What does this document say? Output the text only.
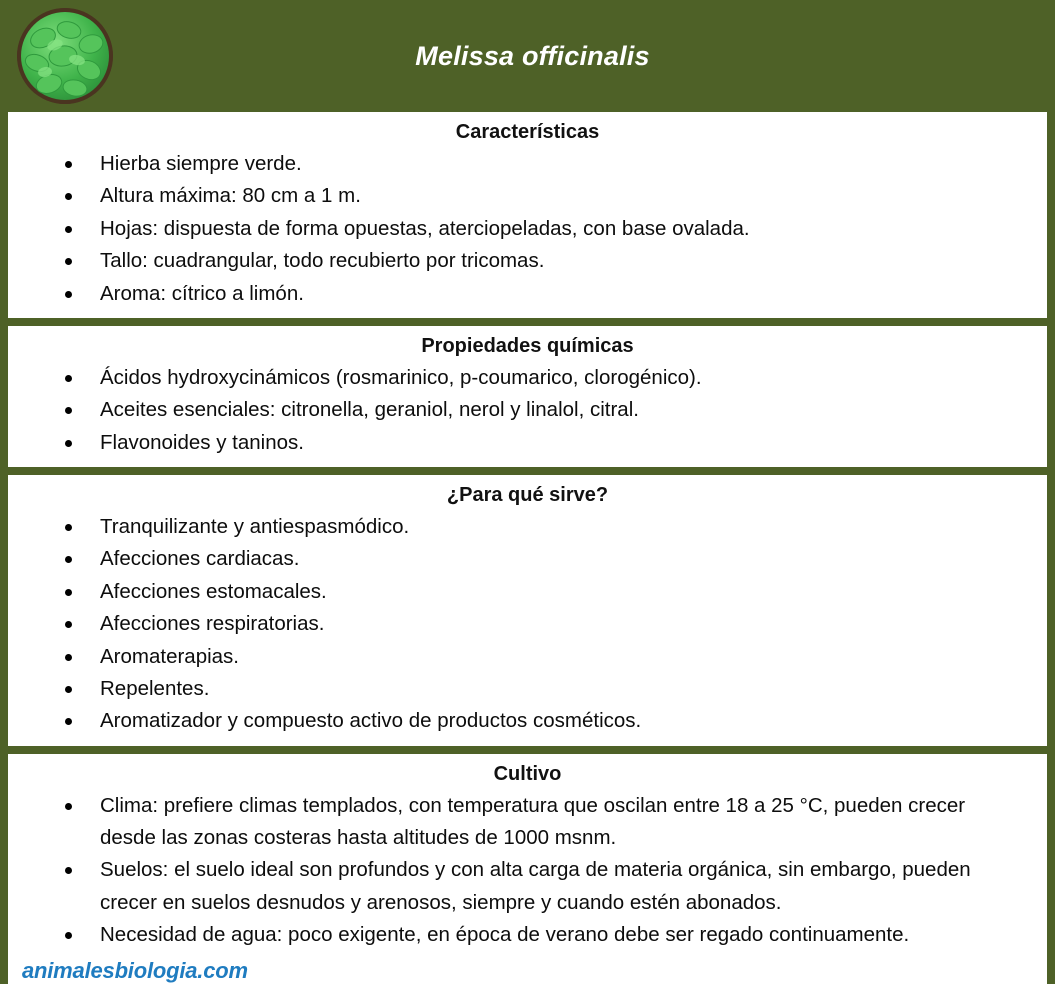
Melissa officinalis
Características
Hierba siempre verde.
Altura máxima: 80 cm a 1 m.
Hojas: dispuesta de forma opuestas, aterciopeladas, con base ovalada.
Tallo: cuadrangular, todo recubierto por tricomas.
Aroma: cítrico a limón.
Propiedades químicas
Ácidos hydroxycinámicos (rosmarinico, p-coumarico, clorogénico).
Aceites esenciales: citronella, geraniol, nerol y linalol, citral.
Flavonoides y taninos.
¿Para qué sirve?
Tranquilizante y antiespasmódico.
Afecciones cardiacas.
Afecciones estomacales.
Afecciones respiratorias.
Aromaterapias.
Repelentes.
Aromatizador y compuesto activo de productos cosméticos.
Cultivo
Clima: prefiere climas templados, con temperatura que oscilan entre 18 a 25 °C, pueden crecer desde las zonas costeras hasta altitudes de 1000 msnm.
Suelos: el suelo ideal son profundos y con alta carga de materia orgánica, sin embargo, pueden crecer en suelos desnudos y arenosos, siempre y cuando estén abonados.
Necesidad de agua: poco exigente, en época de verano debe ser regado continuamente.
animalesbiologia.com
